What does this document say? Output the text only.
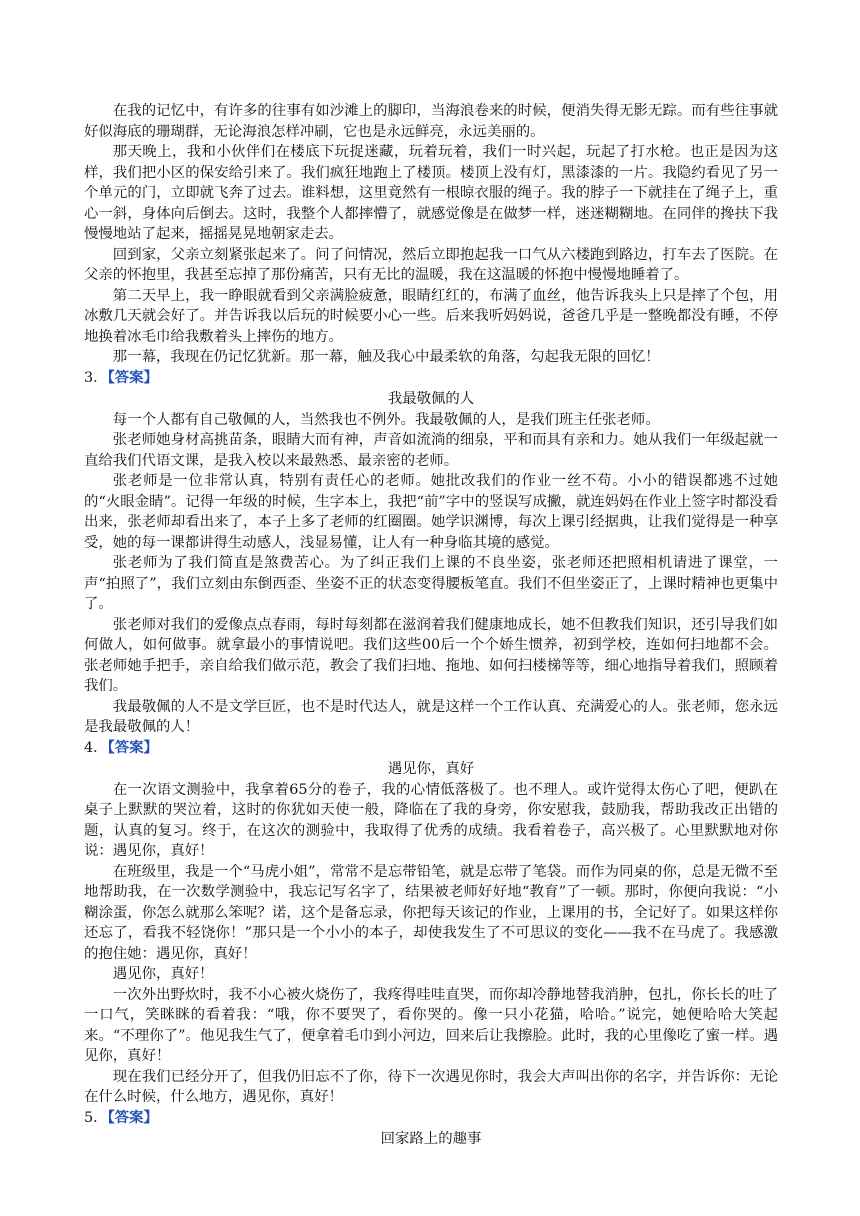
在我的记忆中，有许多的往事有如沙滩上的脚印，当海浪卷来的时候，便消失得无影无踪。而有些往事就好似海底的珊瑚群，无论海浪怎样冲刷，它也是永远鲜亮，永远美丽的。

那天晚上，我和小伙伴们在楼底下玩捉迷藏，玩着玩着，我们一时兴起，玩起了打水枪。也正是因为这样，我们把小区的保安给引来了。我们疯狂地跑上了楼顶。楼顶上没有灯，黑漆漆的一片。我隐约看见了另一个单元的门，立即就飞奔了过去。谁料想，这里竟然有一根晾衣服的绳子。我的脖子一下就挂在了绳子上，重心一斜，身体向后倒去。这时，我整个人都摔懵了，就感觉像是在做梦一样，迷迷糊糊地。在同伴的搀扶下我慢慢地站了起来，摇摇晃晃地朝家走去。

回到家，父亲立刻紧张起来了。问了问情况，然后立即抱起我一口气从六楼跑到路边，打车去了医院。在父亲的怀抱里，我甚至忘掉了那份痛苦，只有无比的温暖，我在这温暖的怀抱中慢慢地睡着了。

第二天早上，我一睁眼就看到父亲满脸疲惫，眼睛红红的，布满了血丝，他告诉我头上只是摔了个包，用冰敷几天就会好了。并告诉我以后玩的时候要小心一些。后来我听妈妈说，爸爸几乎是一整晚都没有睡，不停地换着冰毛巾给我敷着头上摔伤的地方。

那一幕，我现在仍记忆犹新。那一幕，触及我心中最柔软的角落，勾起我无限的回忆！

3．【答案】

我最敬佩的人

每一个人都有自己敬佩的人，当然我也不例外。我最敬佩的人，是我们班主任张老师。

张老师她身材高挑苗条，眼睛大而有神，声音如流淌的细泉，平和而具有亲和力。她从我们一年级起就一直给我们代语文课，是我入校以来最熟悉、最亲密的老师。

张老师是一位非常认真，特别有责任心的老师。她批改我们的作业一丝不苟。小小的错误都逃不过她的“火眼金睛”。记得一年级的时候，生字本上，我把“前”字中的竖误写成撇，就连妈妈在作业上签字时都没看出来，张老师却看出来了，本子上多了老师的红圈圈。她学识渊博，每次上课引经据典，让我们觉得是一种享受，她的每一课都讲得生动感人，浅显易懂，让人有一种身临其境的感觉。

张老师为了我们简直是煞费苦心。为了纠正我们上课的不良坐姿，张老师还把照相机请进了课堂，一声“拍照了”，我们立刻由东倒西歪、坐姿不正的状态变得腰板笔直。我们不但坐姿正了，上课时精神也更集中了。

张老师对我们的爱像点点春雨，每时每刻都在滋润着我们健康地成长，她不但教我们知识，还引导我们如何做人，如何做事。就拿最小的事情说吧。我们这些00后一个个娇生惯养，初到学校，连如何扫地都不会。张老师她手把手，亲自给我们做示范，教会了我们扫地、拖地、如何扫楼梯等等，细心地指导着我们，照顾着我们。

我最敬佩的人不是文学巨匠，也不是时代达人，就是这样一个工作认真、充满爱心的人。张老师，您永远是我最敬佩的人！

4．【答案】

遇见你，真好

在一次语文测验中，我拿着65分的卷子，我的心情低落极了。也不理人。或许觉得太伤心了吧，便趴在桌子上默默的哭泣着，这时的你犹如天使一般，降临在了我的身旁，你安慰我，鼓励我，帮助我改正出错的题，认真的复习。终于，在这次的测验中，我取得了优秀的成绩。我看着卷子，高兴极了。心里默默地对你说：遇见你，真好！

在班级里，我是一个“马虎小姐”，常常不是忘带铅笔，就是忘带了笔袋。而作为同桌的你，总是无微不至地帮助我，在一次数学测验中，我忘记写名字了，结果被老师好好地“教育”了一顿。那时，你便向我说：“小糊涂蛋，你怎么就那么笨呢？诺，这个是备忘录，你把每天该记的作业，上课用的书，全记好了。如果这样你还忘了，看我不轻饶你！”那只是一个小小的本子，却使我发生了不可思议的变化——我不在马虎了。我感激的抱住她：遇见你，真好！

遇见你，真好！

一次外出野炊时，我不小心被火烧伤了，我疼得哇哇直哭，而你却冷静地替我消肿，包扎，你长长的吐了一口气，笑眯眯的看着我：“哦，你不要哭了，看你哭的。像一只小花猫，哈哈。”说完，她便哈哈大笑起来。“不理你了”。他见我生气了，便拿着毛巾到小河边，回来后让我擦脸。此时，我的心里像吃了蜜一样。遇见你，真好！

现在我们已经分开了，但我仍旧忘不了你，待下一次遇见你时，我会大声叫出你的名字，并告诉你：无论在什么时候，什么地方，遇见你，真好！

5．【答案】

回家路上的趣事
